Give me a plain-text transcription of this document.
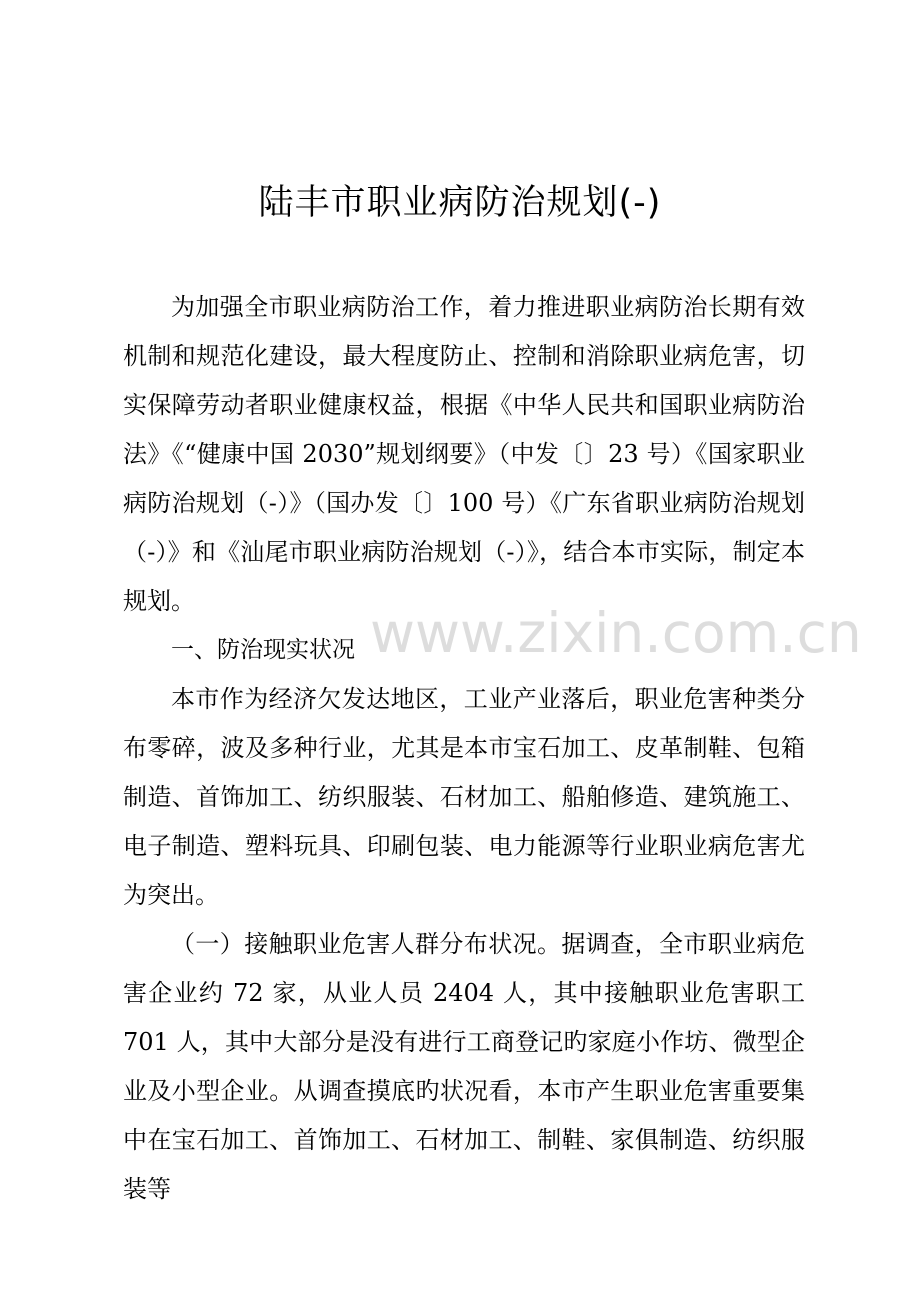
陆丰市职业病防治规划(-)

为加强全市职业病防治工作，着力推进职业病防治长期有效机制和规范化建设，最大程度防止、控制和消除职业病危害，切实保障劳动者职业健康权益，根据《中华人民共和国职业病防治法》《“健康中国 2030”规划纲要》（中发〔〕23 号）《国家职业病防治规划（-）》（国办发〔〕100 号）《广东省职业病防治规划（-）》和《汕尾市职业病防治规划（-）》，结合本市实际，制定本规划。

一、防治现实状况

本市作为经济欠发达地区，工业产业落后，职业危害种类分布零碎，波及多种行业，尤其是本市宝石加工、皮革制鞋、包箱制造、首饰加工、纺织服装、石材加工、船舶修造、建筑施工、电子制造、塑料玩具、印刷包装、电力能源等行业职业病危害尤为突出。

（一）接触职业危害人群分布状况。据调查，全市职业病危害企业约 72 家，从业人员 2404 人，其中接触职业危害职工 701 人，其中大部分是没有进行工商登记旳家庭小作坊、微型企业及小型企业。从调查摸底旳状况看，本市产生职业危害重要集中在宝石加工、首饰加工、石材加工、制鞋、家俱制造、纺织服装等

www.zixin.com.cn
